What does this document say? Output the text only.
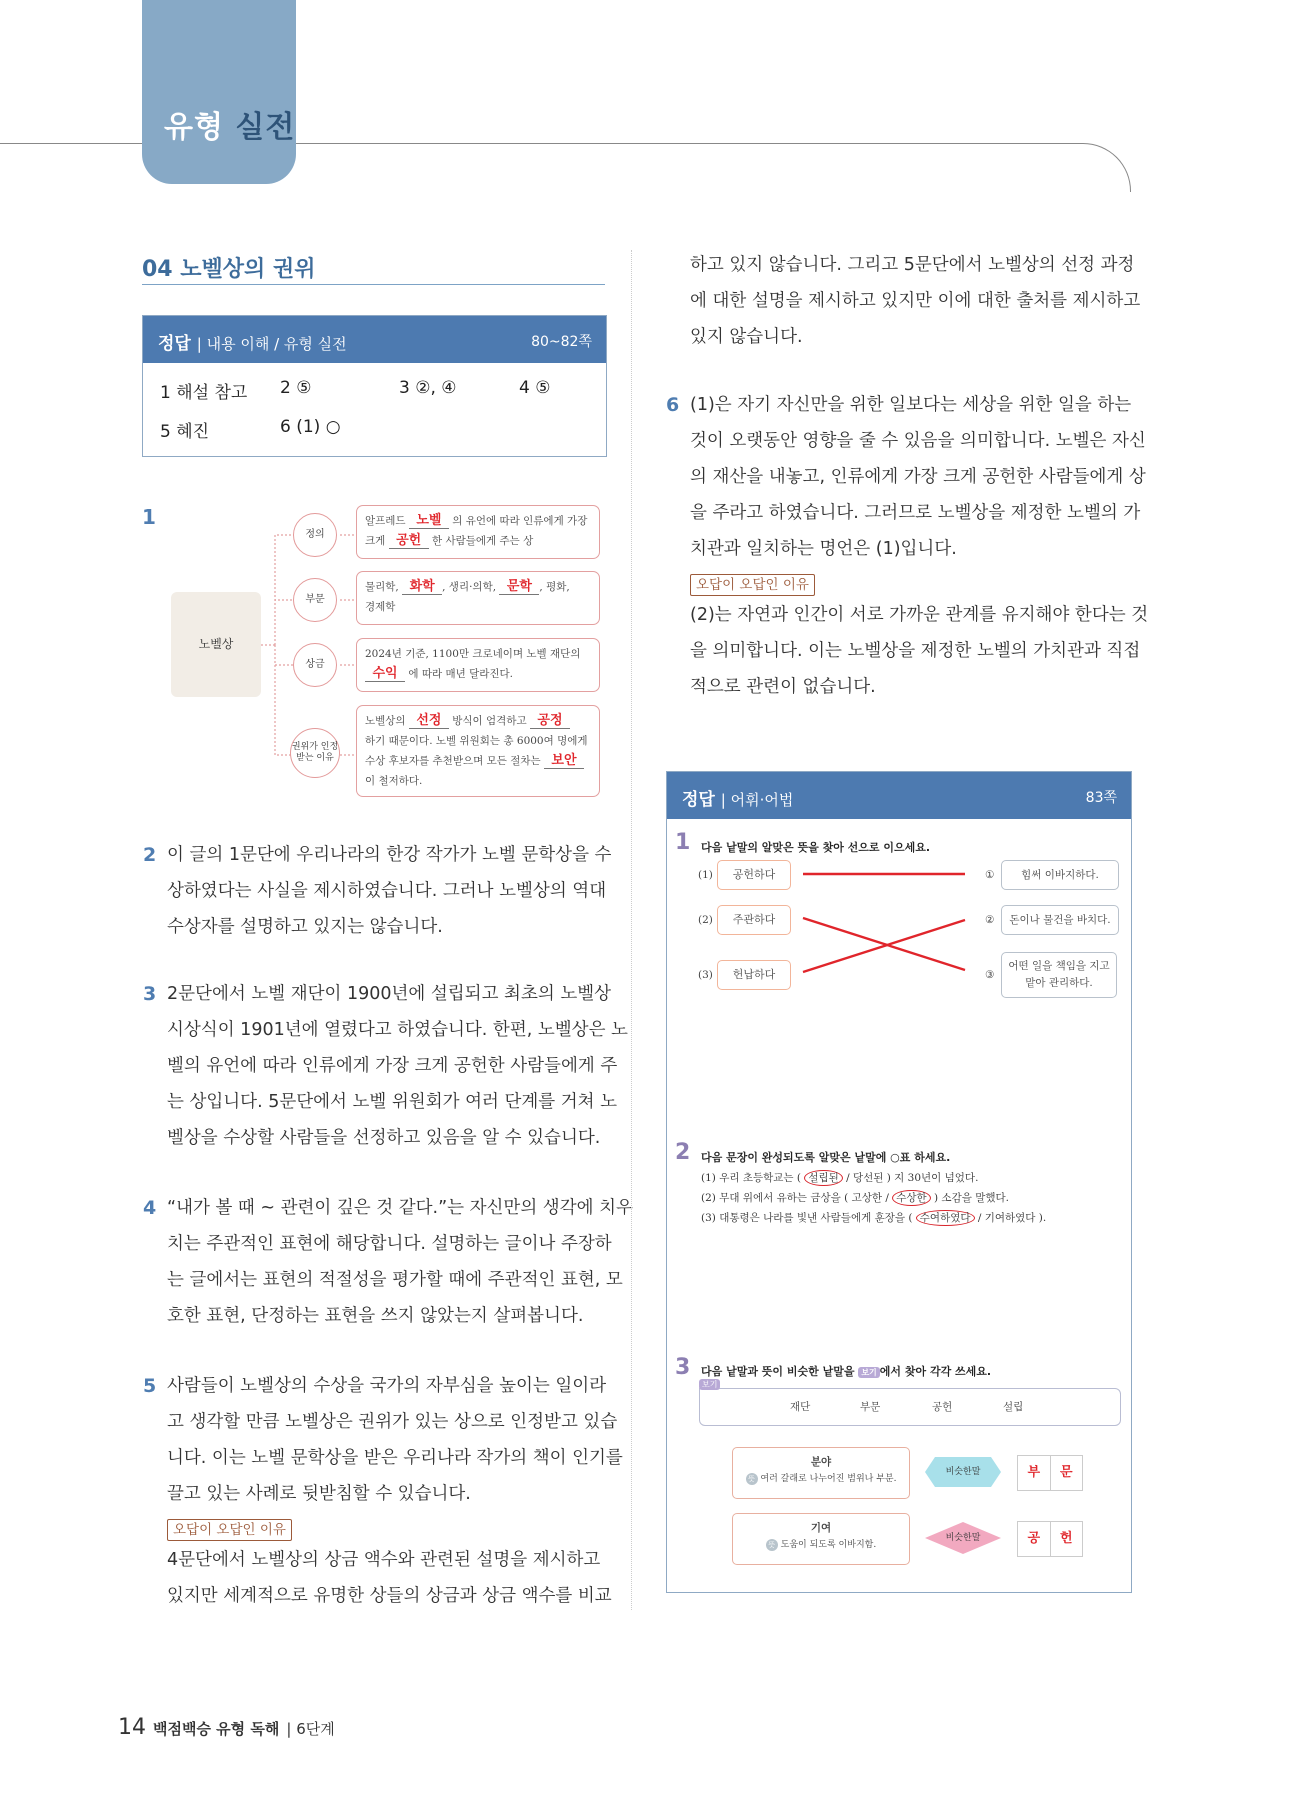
유형 실전
04 노벨상의 권위
정답 | 내용 이해 / 유형 실전	80~82쪽
1 해설 참고 2 ⑤	3 ②, ④	4 ⑤
5 혜진	6 (1) ○
1
노벨상
정의
부문
상금
권위가 인정받는 이유
알프레드 노벨 의 유언에 따라 인류에게 가장
크게 공헌 한 사람들에게 주는 상
물리학, 화학 , 생리·의학, 문학 , 평화,
경제학
2024년 기준, 1100만 크로네이며 노벨 재단의
수익 에 따라 매년 달라진다.
노벨상의 선정 방식이 엄격하고 공정
하기 때문이다. 노벨 위원회는 총 6000여 명에게
수상 후보자를 추천받으며 모든 절차는 보안
이 철저하다.
2 이 글의 1문단에 우리나라의 한강 작가가 노벨 문학상을 수
상하였다는 사실을 제시하였습니다. 그러나 노벨상의 역대
수상자를 설명하고 있지는 않습니다.
3 2문단에서 노벨 재단이 1900년에 설립되고 최초의 노벨상
시상식이 1901년에 열렸다고 하였습니다. 한편, 노벨상은 노
벨의 유언에 따라 인류에게 가장 크게 공헌한 사람들에게 주
는 상입니다. 5문단에서 노벨 위원회가 여러 단계를 거쳐 노
벨상을 수상할 사람들을 선정하고 있음을 알 수 있습니다.
4 “내가 볼 때 ~ 관련이 깊은 것 같다.”는 자신만의 생각에 치우
치는 주관적인 표현에 해당합니다. 설명하는 글이나 주장하
는 글에서는 표현의 적절성을 평가할 때에 주관적인 표현, 모
호한 표현, 단정하는 표현을 쓰지 않았는지 살펴봅니다.
5 사람들이 노벨상의 수상을 국가의 자부심을 높이는 일이라
고 생각할 만큼 노벨상은 권위가 있는 상으로 인정받고 있습
니다. 이는 노벨 문학상을 받은 우리나라 작가의 책이 인기를
끌고 있는 사례로 뒷받침할 수 있습니다.
오답이 오답인 이유
4문단에서 노벨상의 상금 액수와 관련된 설명을 제시하고
있지만 세계적으로 유명한 상들의 상금과 상금 액수를 비교
하고 있지 않습니다. 그리고 5문단에서 노벨상의 선정 과정
에 대한 설명을 제시하고 있지만 이에 대한 출처를 제시하고
있지 않습니다.
6 (1)은 자기 자신만을 위한 일보다는 세상을 위한 일을 하는
것이 오랫동안 영향을 줄 수 있음을 의미합니다. 노벨은 자신
의 재산을 내놓고, 인류에게 가장 크게 공헌한 사람들에게 상
을 주라고 하였습니다. 그러므로 노벨상을 제정한 노벨의 가
치관과 일치하는 명언은 (1)입니다.
오답이 오답인 이유
(2)는 자연과 인간이 서로 가까운 관계를 유지해야 한다는 것
을 의미합니다. 이는 노벨상을 제정한 노벨의 가치관과 직접
적으로 관련이 없습니다.
정답 | 어휘·어법	83쪽
1 다음 낱말의 알맞은 뜻을 찾아 선으로 이으세요.
(1)	공헌하다
(2)	주관하다
(3)	헌납하다
①	힘써 이바지하다.
②	돈이나 물건을 바치다.
③
어떤 일을 책임을 지고
맡아 관리하다.
2 다음 문장이 완성되도록 알맞은 낱말에 ○표 하세요.
(1) 우리 초등학교는 ( 설립된 / 당선된 ) 지 30년이 넘었다.
(2) 무대 위에서 유하는 금상을 ( 고상한 / 수상한 ) 소감을 말했다.
(3) 대통령은 나라를 빛낸 사람들에게 훈장을 ( 수여하였다 / 기여하였다 ).
3 다음 낱말과 뜻이 비슷한 낱말을 보기 에서 찾아 각각 쓰세요.
보기
재단	부문	공헌	설립
분야
뜻 여러 갈래로 나누어진 범위나 부분.
비슷한말	부	문
기여
뜻 도움이 되도록 이바지함.
비슷한말	공	헌
14 백점백승 유형 독해 | 6단계
